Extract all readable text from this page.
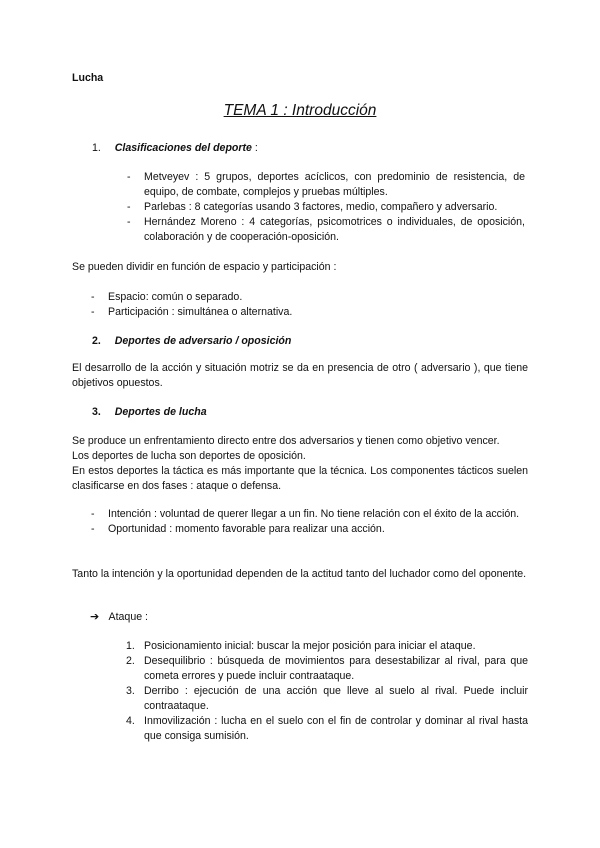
Lucha
TEMA 1 : Introducción
1. Clasificaciones del deporte :
- Metveyev : 5 grupos, deportes acíclicos, con predominio de resistencia, de equipo, de combate, complejos y pruebas múltiples.
- Parlebas : 8 categorías usando 3 factores, medio, compañero y adversario.
- Hernández Moreno : 4 categorías, psicomotrices o individuales, de oposición, colaboración y de cooperación-oposición.
Se pueden dividir en función de espacio y participación :
- Espacio: común o separado.
- Participación : simultánea o alternativa.
2. Deportes de adversario / oposición
El desarrollo de la acción y situación motriz se da en presencia de otro ( adversario ), que tiene objetivos opuestos.
3. Deportes de lucha
Se produce un enfrentamiento directo entre dos adversarios y tienen como objetivo vencer.
Los deportes de lucha son deportes de oposición.
En estos deportes la táctica es más importante que la técnica. Los componentes tácticos suelen clasificarse en dos fases : ataque o defensa.
- Intención : voluntad de querer llegar a un fin. No tiene relación con el éxito de la acción.
- Oportunidad : momento favorable para realizar una acción.
Tanto la intención y la oportunidad dependen de la actitud tanto del luchador como del oponente.
➔ Ataque :
1. Posicionamiento inicial: buscar la mejor posición para iniciar el ataque.
2. Desequilibrio : búsqueda de movimientos para desestabilizar al rival, para que cometa errores y puede incluir contraataque.
3. Derribo : ejecución de una acción que lleve al suelo al rival. Puede incluir contraataque.
4. Inmovilización : lucha en el suelo con el fin de controlar y dominar al rival hasta que consiga sumisión.
